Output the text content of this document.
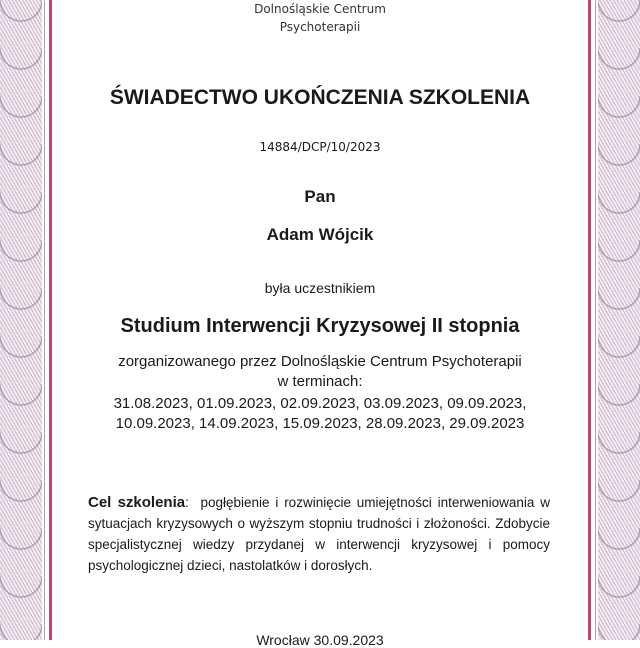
Dolnośląskie Centrum
Psychoterapii
ŚWIADECTWO UKOŃCZENIA SZKOLENIA
14884/DCP/10/2023
Pan
Adam Wójcik
była uczestnikiem
Studium Interwencji Kryzysowej II stopnia
zorganizowanego przez Dolnośląskie Centrum Psychoterapii
w terminach:
31.08.2023, 01.09.2023, 02.09.2023, 03.09.2023, 09.09.2023,
10.09.2023, 14.09.2023, 15.09.2023, 28.09.2023, 29.09.2023
Cel szkolenia:  pogłębienie i rozwinięcie umiejętności interweniowania w sytuacjach kryzysowych o wyższym stopniu trudności i złożoności. Zdobycie specjalistycznej wiedzy przydanej w interwencji kryzysowej i pomocy psychologicznej dzieci, nastolatków i dorosłych.
Wrocław 30.09.2023
